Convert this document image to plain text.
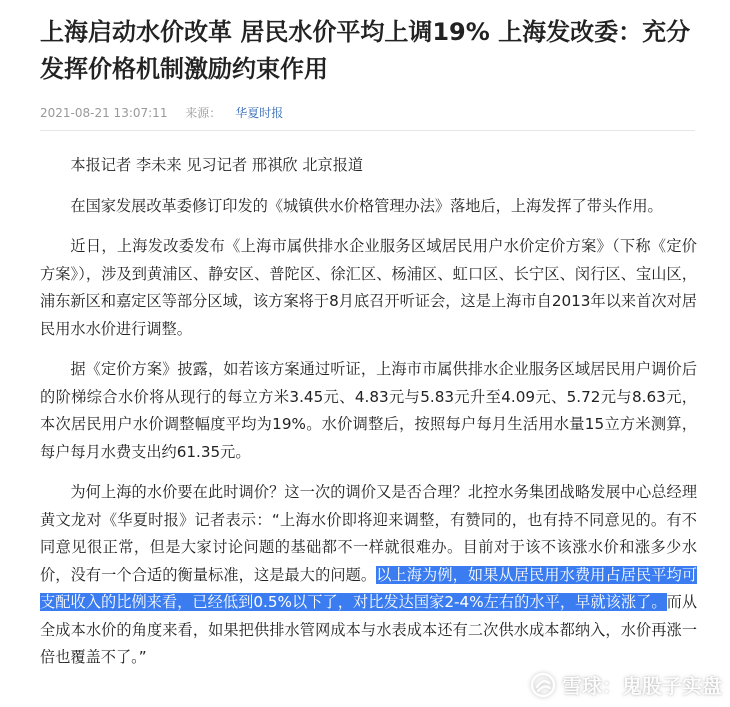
上海启动水价改革 居民水价平均上调19% 上海发改委：充分发挥价格机制激励约束作用
2021-08-21 13:07:11 来源： 华夏时报

本报记者 李未来 见习记者 邢祺欣 北京报道

在国家发展改革委修订印发的《城镇供水价格管理办法》落地后，上海发挥了带头作用。

近日，上海发改委发布《上海市属供排水企业服务区域居民用户水价定价方案》（下称《定价方案》），涉及到黄浦区、静安区、普陀区、徐汇区、杨浦区、虹口区、长宁区、闵行区、宝山区，浦东新区和嘉定区等部分区域，该方案将于8月底召开听证会，这是上海市自2013年以来首次对居民用水水价进行调整。

据《定价方案》披露，如若该方案通过听证，上海市市属供排水企业服务区域居民用户调价后的阶梯综合水价将从现行的每立方米3.45元、4.83元与5.83元升至4.09元、5.72元与8.63元，本次居民用户水价调整幅度平均为19%。水价调整后，按照每户每月生活用水量15立方米测算，每户每月水费支出约61.35元。

为何上海的水价要在此时调价？这一次的调价又是否合理？北控水务集团战略发展中心总经理黄文龙对《华夏时报》记者表示：“上海水价即将迎来调整，有赞同的，也有持不同意见的。有不同意见很正常，但是大家讨论问题的基础都不一样就很难办。目前对于该不该涨水价和涨多少水价，没有一个合适的衡量标准，这是最大的问题。以上海为例，如果从居民用水费用占居民平均可支配收入的比例来看，已经低到0.5%以下了，对比发达国家2-4%左右的水平，早就该涨了。而从全成本水价的角度来看，如果把供排水管网成本与水表成本还有二次供水成本都纳入，水价再涨一倍也覆盖不了。”

雪球：鬼股子实盘
